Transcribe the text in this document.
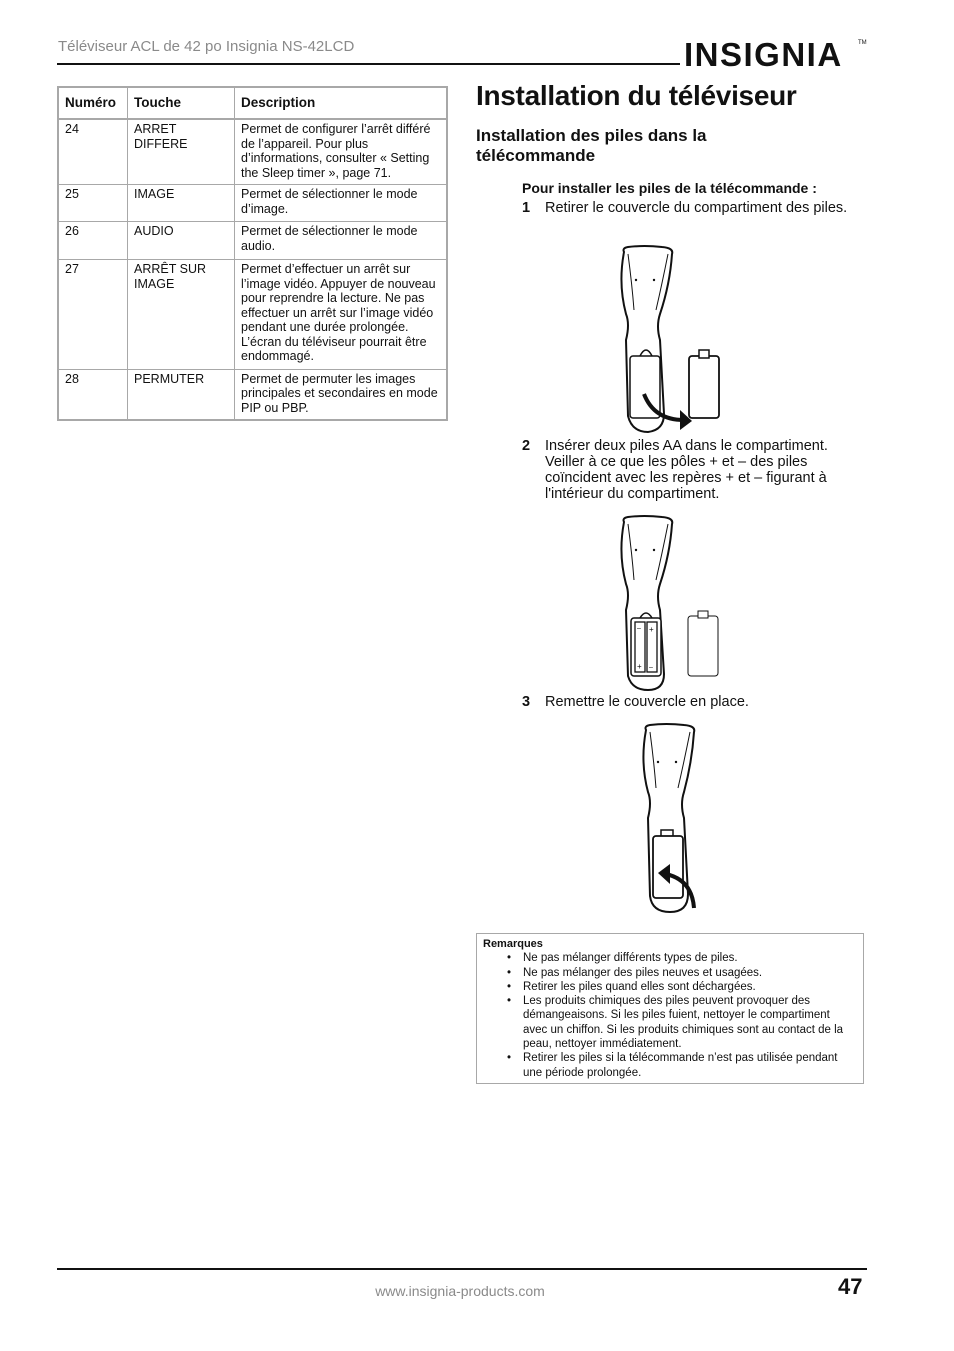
Téléviseur ACL de 42 po Insignia NS-42LCD	INSIGNIA	TM
Numéro	Touche	Description
24	ARRET DIFFERE	Permet de configurer l’arrêt différé de l’appareil. Pour plus d’informations, consulter « Setting the Sleep timer », page 71.
25	IMAGE	Permet de sélectionner le mode d’image.
26	AUDIO	Permet de sélectionner le mode audio.
27	ARRÊT SUR IMAGE	Permet d’effectuer un arrêt sur l’image vidéo. Appuyer de nouveau pour reprendre la lecture. Ne pas effectuer un arrêt sur l’image vidéo pendant une durée prolongée. L’écran du téléviseur pourrait être endommagé.
28	PERMUTER	Permet de permuter les images principales et secondaires en mode PIP ou PBP.
Installation du téléviseur
Installation des piles dans la télécommande
Pour installer les piles de la télécommande :
1 Retirer le couvercle du compartiment des piles.
2 Insérer deux piles AA dans le compartiment. Veiller à ce que les pôles + et – des piles coïncident avec les repères + et – figurant à l'intérieur du compartiment.
– +
+ –
3 Remettre le couvercle en place.
Remarques
• Ne pas mélanger différents types de piles.
• Ne pas mélanger des piles neuves et usagées.
• Retirer les piles quand elles sont déchargées.
• Les produits chimiques des piles peuvent provoquer des démangeaisons. Si les piles fuient, nettoyer le compartiment avec un chiffon. Si les produits chimiques sont au contact de la peau, nettoyer immédiatement.
• Retirer les piles si la télécommande n’est pas utilisée pendant une période prolongée.
www.insignia-products.com	47
